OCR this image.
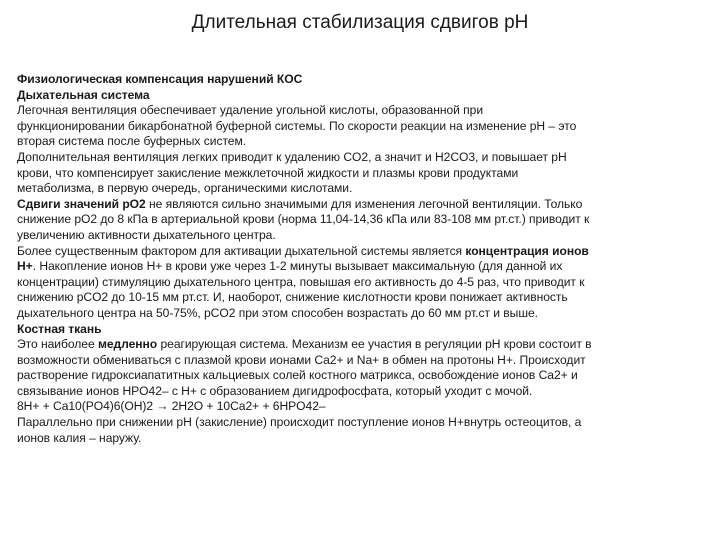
Длительная стабилизация сдвигов pH
Физиологическая компенсация нарушений КОС
Дыхательная система
Легочная вентиляция обеспечивает удаление угольной кислоты, образованной при
функционировании бикарбонатной буферной системы. По скорости реакции на изменение pH – это
вторая система после буферных систем.
Дополнительная вентиляция легких приводит к удалению CO2, а значит и H2CO3, и повышает pH
крови, что компенсирует закисление межклеточной жидкости и плазмы крови продуктами
метаболизма, в первую очередь, органическими кислотами.
Сдвиги значений pO2 не являются сильно значимыми для изменения легочной вентиляции. Только
снижение pO2 до 8 кПа в артериальной крови (норма 11,04-14,36 кПа или 83-108 мм рт.ст.) приводит к
увеличению активности дыхательного центра.
Более существенным фактором для активации дыхательной системы является концентрация ионов
H+. Накопление ионов H+ в крови уже через 1-2 минуты вызывает максимальную (для данной их
концентрации) стимуляцию дыхательного центра, повышая его активность до 4-5 раз, что приводит к
снижению pCO2 до 10-15 мм рт.ст. И, наоборот, снижение кислотности крови понижает активность
дыхательного центра на 50-75%, pCO2 при этом способен возрастать до 60 мм рт.ст и выше.
Костная ткань
Это наиболее медленно реагирующая система. Механизм ее участия в регуляции pH крови состоит в
возможности обмениваться с плазмой крови ионами Ca2+ и Na+ в обмен на протоны H+. Происходит
растворение гидроксиапатитных кальциевых солей костного матрикса, освобождение ионов Ca2+ и
связывание ионов HPO42– с H+ с образованием дигидрофосфата, который уходит с мочой.
8H+ + Ca10(PO4)6(OH)2 → 2H2O + 10Ca2+ + 6HPO42–
Параллельно при снижении pH (закисление) происходит поступление ионов H+внутрь остеоцитов, а
ионов калия – наружу.
